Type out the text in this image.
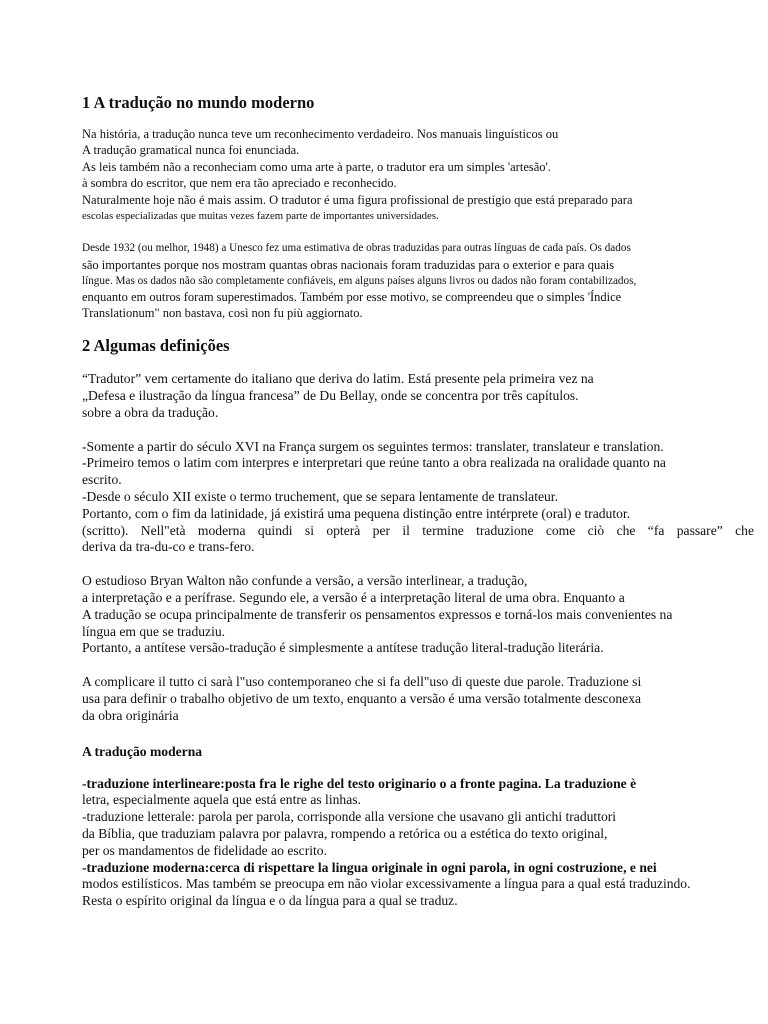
1 A tradução no mundo moderno
Na história, a tradução nunca teve um reconhecimento verdadeiro. Nos manuais linguísticos ou
A tradução gramatical nunca foi enunciada.
As leis também não a reconheciam como uma arte à parte, o tradutor era um simples 'artesão'.
à sombra do escritor, que nem era tão apreciado e reconhecido.
Naturalmente hoje não é mais assim. O tradutor é uma figura profissional de prestígio que está preparado para
escolas especializadas que muitas vezes fazem parte de importantes universidades.
Desde 1932 (ou melhor, 1948) a Unesco fez uma estimativa de obras traduzidas para outras línguas de cada país. Os dados
são importantes porque nos mostram quantas obras nacionais foram traduzidas para o exterior e para quais
língue. Mas os dados não são completamente confiáveis, em alguns países alguns livros ou dados não foram contabilizados,
enquanto em outros foram superestimados. Também por esse motivo, se compreendeu que o simples 'Índice
Translationum" non bastava, così non fu più aggiornato.
2 Algumas definições
“Tradutor” vem certamente do italiano que deriva do latim. Está presente pela primeira vez na
„Defesa e ilustração da língua francesa” de Du Bellay, onde se concentra por três capítulos.
sobre a obra da tradução.
-Somente a partir do século XVI na França surgem os seguintes termos: translater, translateur e translation.
-Primeiro temos o latim com interpres e interpretari que reúne tanto a obra realizada na oralidade quanto na
escrito.
-Desde o século XII existe o termo truchement, que se separa lentamente de translateur.
Portanto, com o fim da latinidade, já existirá uma pequena distinção entre intérprete (oral) e tradutor.
(scritto). Nell"età moderna quindi si opterà per il termine traduzione come ciò che “fa passare” che
deriva da tra-du-co e trans-fero.
O estudioso Bryan Walton não confunde a versão, a versão interlinear, a tradução,
a interpretação e a perífrase. Segundo ele, a versão é a interpretação literal de uma obra. Enquanto a
A tradução se ocupa principalmente de transferir os pensamentos expressos e torná-los mais convenientes na
língua em que se traduziu.
Portanto, a antítese versão-tradução é simplesmente a antítese tradução literal-tradução literária.
A complicare il tutto ci sarà l"uso contemporaneo che si fa dell"uso di queste due parole. Traduzione si
usa para definir o trabalho objetivo de um texto, enquanto a versão é uma versão totalmente desconexa
da obra originária
A tradução moderna
-traduzione interlineare:posta fra le righe del testo originario o a fronte pagina. La traduzione è
letra, especialmente aquela que está entre as linhas.
-traduzione letterale: parola per parola, corrisponde alla versione che usavano gli antichi traduttori
da Bíblia, que traduziam palavra por palavra, rompendo a retórica ou a estética do texto original,
per os mandamentos de fidelidade ao escrito.
-traduzione moderna:cerca di rispettare la lingua originale in ogni parola, in ogni costruzione, e nei
modos estilísticos. Mas também se preocupa em não violar excessivamente a língua para a qual está traduzindo.
Resta o espírito original da língua e o da língua para a qual se traduz.
